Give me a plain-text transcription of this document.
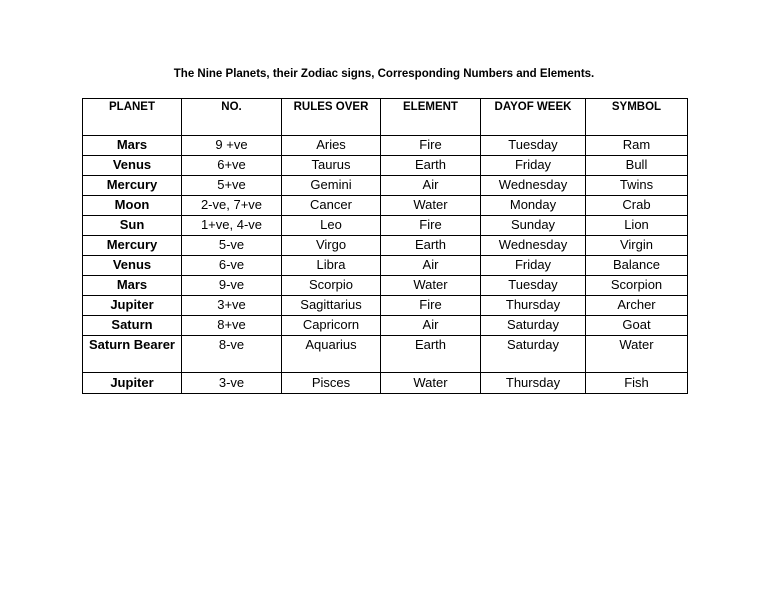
The Nine Planets, their Zodiac signs, Corresponding Numbers and Elements.
PLANET	NO.	RULES OVER	ELEMENT	DAYOF WEEK	SYMBOL
Mars	9 +ve	Aries	Fire	Tuesday	Ram
Venus	6+ve	Taurus	Earth	Friday	Bull
Mercury	5+ve	Gemini	Air	Wednesday	Twins
Moon	2-ve, 7+ve	Cancer	Water	Monday	Crab
Sun	1+ve, 4-ve	Leo	Fire	Sunday	Lion
Mercury	5-ve	Virgo	Earth	Wednesday	Virgin
Venus	6-ve	Libra	Air	Friday	Balance
Mars	9-ve	Scorpio	Water	Tuesday	Scorpion
Jupiter	3+ve	Sagittarius	Fire	Thursday	Archer
Saturn	8+ve	Capricorn	Air	Saturday	Goat
Saturn Bearer	8-ve	Aquarius	Earth	Saturday	Water
Jupiter	3-ve	Pisces	Water	Thursday	Fish
